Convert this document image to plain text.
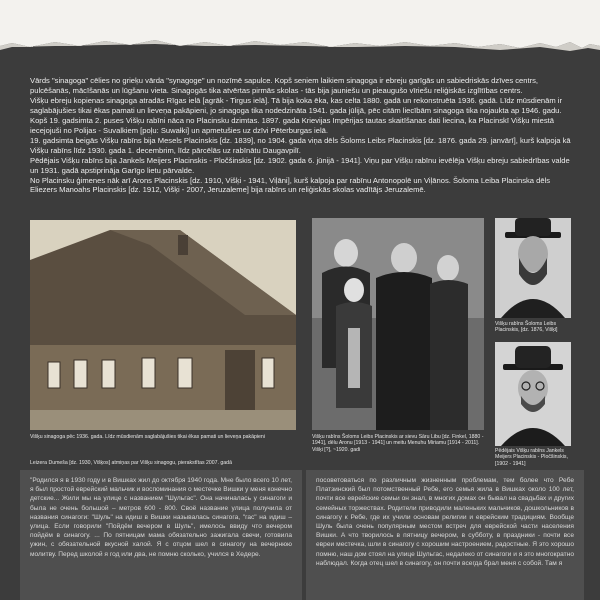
Vārds "sinagoga" cēlies no grieķu vārda "synagoge" un nozīmē sapulce. Kopš seniem laikiem sinagoga ir ebreju garīgās un sabiedriskās dzīves centrs,

pulcēšanās, mācīšanās un lūgšanu vieta. Sinagogās tika atvērtas pirmās skolas - tās bija jauniešu un pieaugušo vīriešu reliģiskās izglītības centrs.

Višķu ebreju kopienas sinagoga atradās Rīgas ielā [agrāk - Tirgus ielā]. Tā bija koka ēka, kas celta 1880. gadā un rekonstruēta 1936. gadā. Līdz mūsdienām ir

saglabājušies tikai ēkas pamati un lieveņa pakāpieni, jo sinagoga tika nodedzināta 1941. gada jūlijā, pēc citām liecībām sinagoga tika nojaukta ap 1946. gadu.

Kopš 19. gadsimta 2. puses Višķu rabīni nāca no Placinsku dzimtas. 1897. gada Krievijas Impērijas tautas skaitīšanas dati liecina, ka Placinskī Višķu miestā

iecejojuši no Polijas - Suvalkiem [poļu: Suwałki] un apmetušies uz dzīvi Pēterburgas ielā.

19. gadsimta beigās Višķu rabīns bija Mesels Placinskis [dz. 1839], no 1904. gada viņa dēls Šoloms Leibs Placinskis [dz. 1876. gada 29. janvārī], kurš kalpoja kā

Višķu rabīns līdz 1930. gada 1. decembrim, līdz pārcēlās uz rabīnātu Daugavpilī.

Pēdējais Višķu rabīns bija Jankels Meijers Placinskis - Pločšinskis [dz. 1902. gada 6. jūnijā - 1941]. Viņu par Višķu rabīnu ievēlēja Višķu ebreju sabiedrības valde

un 1931. gadā apstiprināja Garīgo lietu pārvalde.

No Placinsku ģimenes nāk arī Arons Placinskis [dz. 1910, Višķi - 1941, Viļāni], kurš kalpoja par rabīnu Antonopolē un Viļānos. Šoloma Leiba Placinska dēls

Eliezers Manoahs Placinskis [dz. 1912, Višķi - 2007, Jeruzaleme] bija rabīns un reliģiskās skolas vadītājs Jeruzalemē.

Višķu sinagoga pēc 1936. gada. Līdz mūsdienām saglabājušies tikai ēkas pamati un lieveņa pakāpieni
Leizera Dumeša [dz. 1930, Višķos] atmiņas par Višķu sinagogu, pierakstītas 2007. gadā
Višķu rabīns Šoloms Leibs Placinskis ar sievu Sāru Libu [dz. Finkel, 1880 - 1941], dēlu Aronu [1913 - 1941] un meitu Menuhu Miriamu [1914 - 2011]. Višķi [?], ~1920. gadi
Višķu rabīns Šoloms Leibs Placinskis, [dz. 1876, Višķi]
Pēdējais Višķu rabīns Jankels Meijers Placinskis - Pločšinskis, [1902 - 1941]

"Родился я в 1930 году и в Вишках жил до октября 1940 года. Мне было всего 10 лет, я был простой еврейский мальчик и воспоминания о местечке Вишки у меня конечно детские... Жили мы на улице с названием "Шульгас". Она начиналась у синагоги и была не очень большой – метров 600 - 800. Своё название улица получила от названия синагоги: "Шуль" на идиш в Вишки называлась синагога, "гас" на идиш – улица. Если говорили "Пойдём вечером в Шуль", имелось ввиду что вечером пойдём в синагогу. ... По пятницам мама обязательно зажигала свечи, готовила ужин, с обязательной вкусной халой. Я с отцом шел в синагогу на вечернюю молитву. Перед школой я год или два, не помню сколько, учился в Хедере.

посоветоваться по различным жизненным проблемам, тем более что Ребе Платзинский был потомственный Ребе, его семья жила в Вишках около 100 лет, почти все еврейские семьи он знал, в многих домах он бывал на свадьбах и других семейных торжествах. Родители приводили маленьких мальчиков, дошкольников в синагогу к Ребе, где их учили основам религии и еврейским традициям. Вообще Шуль была очень популярным местом встреч для еврейской части населения Вишки. А что творилось в пятницу вечером, в субботу, в праздники - почти все евреи местечка, шли в синагогу с хорошим настроением, радостные. Я это хорошо помню, наш дом стоял на улице Шульгас, недалеко от синагоги и я это многократно наблюдал. Когда отец шел в синагогу, он почти всегда брал меня с собой. Там я
